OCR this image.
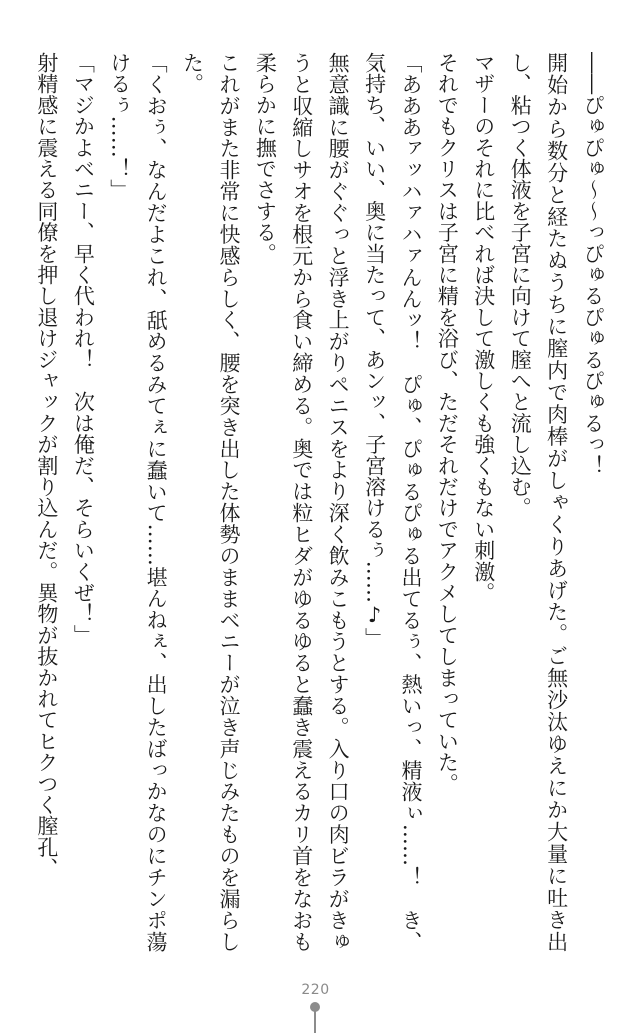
――ぴゅぴゅ～～っぴゅるぴゅるぴゅるっ！

開始から数分と経たぬうちに膣内で肉棒がしゃくりあげた。ご無沙汰ゆえにか大量に吐き出し、粘つく体液を子宮に向けて膣へと流し込む。

マザーのそれに比べれば決して激しくも強くもない刺激。

それでもクリスは子宮に精を浴び、ただそれだけでアクメしてしまっていた。

「あああァッハァハァんんッ！　ぴゅ、ぴゅるぴゅる出てるぅ、熱いっ、精液ぃ……！　き、気持ち、いい、奥に当たって、あンッ、子宮溶けるぅ……♪」

無意識に腰がぐぐっと浮き上がりペニスをより深く飲みこもうとする。入り口の肉ビラがきゅうと収縮しサオを根元から食い締める。奥では粒ヒダがゆるゆると蠢き震えるカリ首をなおも柔らかに撫でさする。

これがまた非常に快感らしく、腰を突き出した体勢のままベニーが泣き声じみたものを漏らした。

「くおぅ、なんだよこれ、舐めるみてぇに蠢いて……堪んねぇ、出したばっかなのにチンポ蕩けるぅ……！」

「マジかよベニー、早く代われ！　次は俺だ、そらいくぜ！」

射精感に震える同僚を押し退けジャックが割り込んだ。異物が抜かれてヒクつく膣孔、

220
